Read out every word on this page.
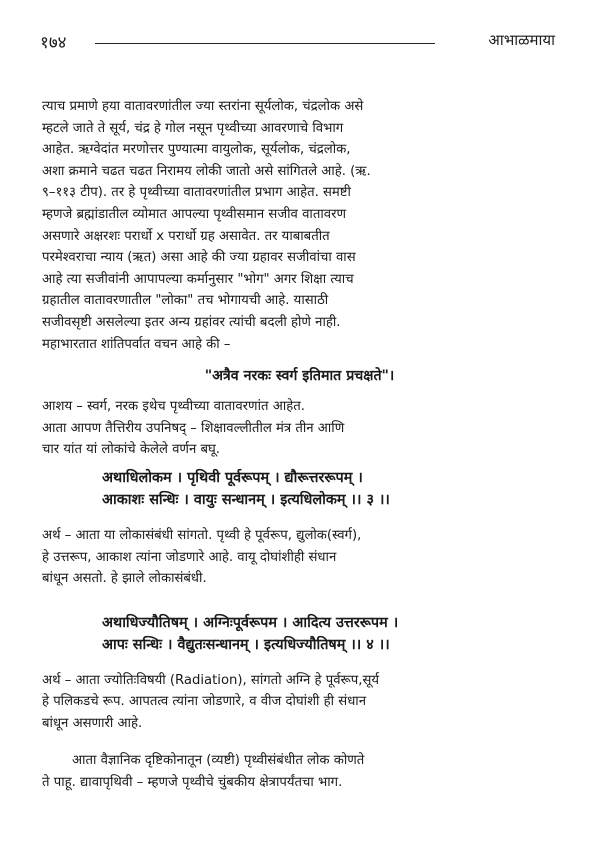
१७४	आभाळमाया

त्याच प्रमाणे हया वातावरणांतील ज्या स्तरांना सूर्यलोक, चंद्रलोक असे

म्हटले जाते ते सूर्य, चंद्र हे गोल नसून पृथ्वीच्या आवरणाचे विभाग

आहेत. ऋग्वेदांत मरणोत्तर पुण्यात्मा वायुलोक, सूर्यलोक, चंद्रलोक,

अशा क्रमाने चढत चढत निरामय लोकी जातो असे सांगितले आहे. (ऋ.

९–११३ टीप). तर हे पृथ्वीच्या वातावरणांतील प्रभाग आहेत. समष्टी

म्हणजे ब्रह्मांडातील व्योमात आपल्या पृथ्वीसमान सजीव वातावरण

असणारे अक्षरशः परार्धो x परार्धो ग्रह असावेत. तर याबाबतीत

परमेश्वराचा न्याय (ऋत) असा आहे की ज्या ग्रहावर सजीवांचा वास

आहे त्या सजीवांनी आपापल्या कर्मानुसार "भोग" अगर शिक्षा त्याच

ग्रहातील वातावरणातील "लोका" तच भोगायची आहे. यासाठी

सजीवसृष्टी असलेल्या इतर अन्य ग्रहांवर त्यांची बदली होणे नाही.

महाभारतात शांतिपर्वात वचन आहे की –

"अत्रैव नरकः स्वर्ग इतिमात प्रचक्षते"।

आशय – स्वर्ग, नरक इथेच पृथ्वीच्या वातावरणांत आहेत.

आता आपण तैत्तिरीय उपनिषद् – शिक्षावल्लीतील मंत्र तीन आणि

चार यांत यां लोकांचे केलेले वर्णन बघू.

अथाधिलोकम । पृथिवी पूर्वरूपम् । द्यौरूत्तररूपम् ।
आकाशः सन्धिः । वायुः सन्धानम् । इत्यधिलोकम् ।। ३ ।।

अर्थ – आता या लोकासंबंधी सांगतो. पृथ्वी हे पूर्वरूप, द्युलोक(स्वर्ग),

हे उत्तरूप, आकाश त्यांना जोडणारे आहे. वायू दोघांशीही संधान

बांधून असतो. हे झाले लोकासंबंधी.

अथाधिज्यौतिषम् । अग्निःपूर्वरूपम । आदित्य उत्तररूपम ।
आपः सन्धिः । वैद्युतःसन्धानम् । इत्यधिज्यौतिषम् ।। ४ ।।

अर्थ – आता ज्योतिःविषयी (Radiation), सांगतो अग्नि हे पूर्वरूप,सूर्य

हे पलिकडचे रूप. आपतत्व त्यांना जोडणारे, व वीज दोघांशी ही संधान

बांधून असणारी आहे.

आता वैज्ञानिक दृष्टिकोनातून (व्यष्टी) पृथ्वीसंबंधीत लोक कोणते

ते पाहू. द्यावापृथिवी – म्हणजे पृथ्वीचे चुंबकीय क्षेत्रापर्यंतचा भाग.
